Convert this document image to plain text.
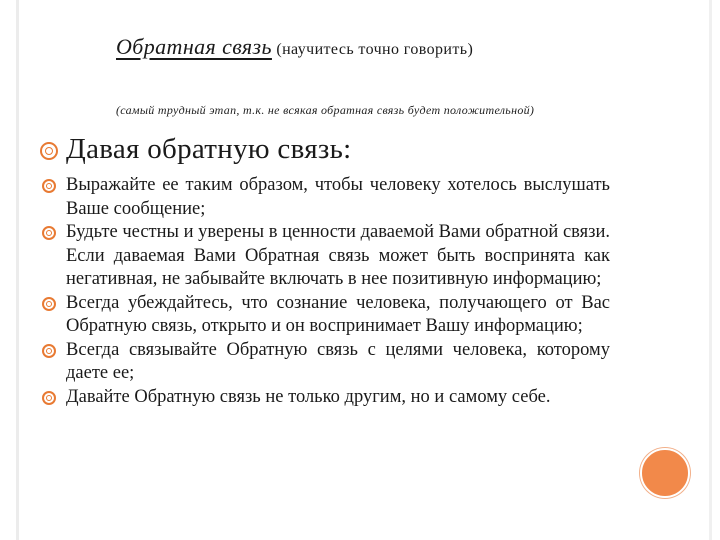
Обратная связь (научитесь точно говорить)
(самый трудный этап, т.к. не всякая обратная связь будет положительной)
Давая обратную связь:
Выражайте ее таким образом, чтобы человеку хотелось выслушать Ваше сообщение;
Будьте честны и уверены в ценности даваемой Вами обратной связи. Если даваемая Вами Обратная связь может быть воспринята как негативная, не забывайте включать в нее позитивную информацию;
Всегда убеждайтесь, что сознание человека, получающего от Вас Обратную связь, открыто и он воспринимает Вашу информацию;
Всегда связывайте Обратную связь с целями человека, которому даете ее;
Давайте Обратную связь не только другим, но и самому себе.
